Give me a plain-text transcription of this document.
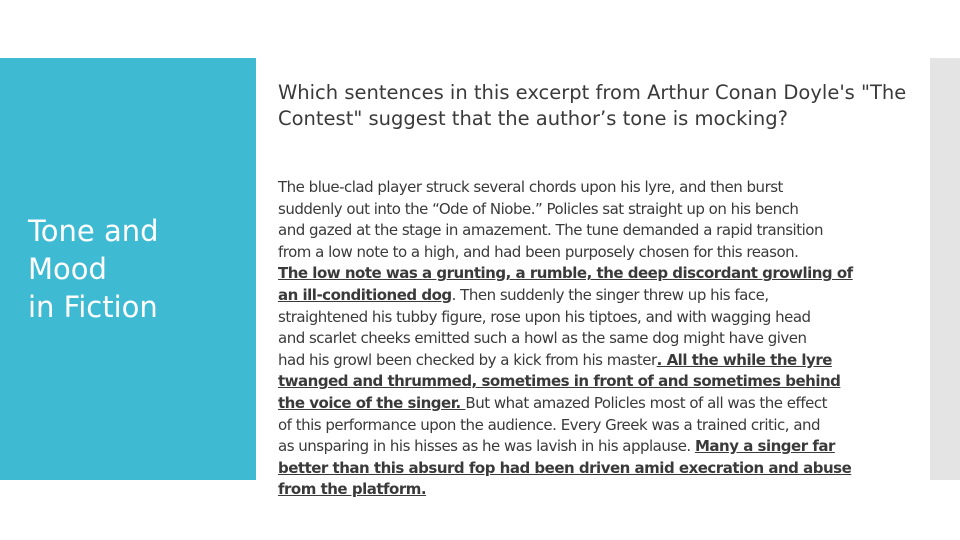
Tone and
Mood
in Fiction

Which sentences in this excerpt from Arthur Conan Doyle's "The
Contest" suggest that the author’s tone is mocking?

The blue-clad player struck several chords upon his lyre, and then burst
suddenly out into the “Ode of Niobe.” Policles sat straight up on his bench
and gazed at the stage in amazement. The tune demanded a rapid transition
from a low note to a high, and had been purposely chosen for this reason.
The low note was a grunting, a rumble, the deep discordant growling of
an ill-conditioned dog. Then suddenly the singer threw up his face,
straightened his tubby figure, rose upon his tiptoes, and with wagging head
and scarlet cheeks emitted such a howl as the same dog might have given
had his growl been checked by a kick from his master. All the while the lyre
twanged and thrummed, sometimes in front of and sometimes behind
the voice of the singer. But what amazed Policles most of all was the effect
of this performance upon the audience. Every Greek was a trained critic, and
as unsparing in his hisses as he was lavish in his applause. Many a singer far
better than this absurd fop had been driven amid execration and abuse
from the platform.
